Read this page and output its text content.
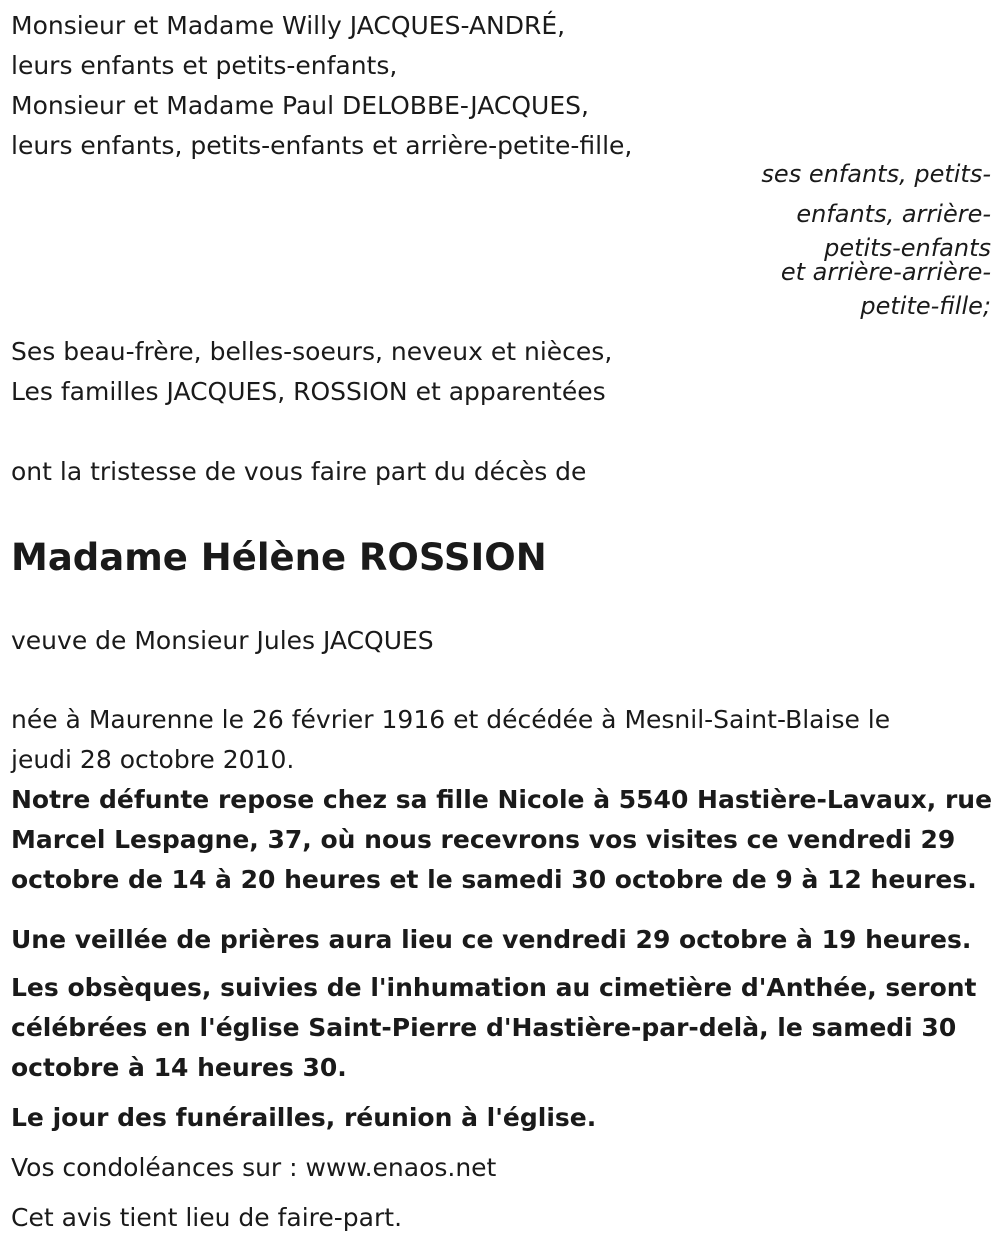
Monsieur et Madame Willy JACQUES-ANDRÉ,
leurs enfants et petits-enfants,
Monsieur et Madame Paul DELOBBE-JACQUES,
leurs enfants, petits-enfants et arrière-petite-fille,
ses enfants, petits-
enfants, arrière-
petits-enfants
et arrière-arrière-
petite-fille;
Ses beau-frère, belles-soeurs, neveux et nièces,
Les familles JACQUES, ROSSION et apparentées
ont la tristesse de vous faire part du décès de
Madame Hélène ROSSION
veuve de Monsieur Jules JACQUES
née à Maurenne le 26 février 1916 et décédée à Mesnil-Saint-Blaise le
jeudi 28 octobre 2010.
Notre défunte repose chez sa fille Nicole à 5540 Hastière-Lavaux, rue
Marcel Lespagne, 37, où nous recevrons vos visites ce vendredi 29
octobre de 14 à 20 heures et le samedi 30 octobre de 9 à 12 heures.
Une veillée de prières aura lieu ce vendredi 29 octobre à 19 heures.
Les obsèques, suivies de l'inhumation au cimetière d'Anthée, seront
célébrées en l'église Saint-Pierre d'Hastière-par-delà, le samedi 30
octobre à 14 heures 30.
Le jour des funérailles, réunion à l'église.
Vos condoléances sur : www.enaos.net
Cet avis tient lieu de faire-part.
